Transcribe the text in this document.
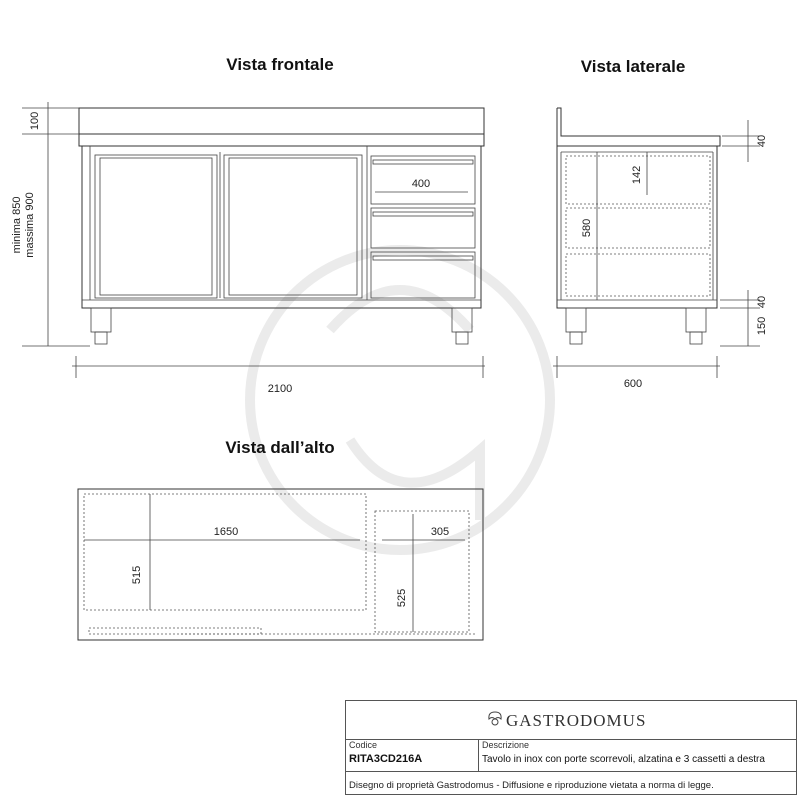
Vista frontale
100
minima 850 massima 900
400
2100
Vista laterale
40
142
580
40
150
600
Vista dall’alto
1650
515
305
525
GASTRODOMUS
Codice
RITA3CD216A
Descrizione
Tavolo in inox con porte scorrevoli, alzatina e 3 cassetti a destra
Disegno di proprietà Gastrodomus - Diffusione e riproduzione vietata a norma di legge.
